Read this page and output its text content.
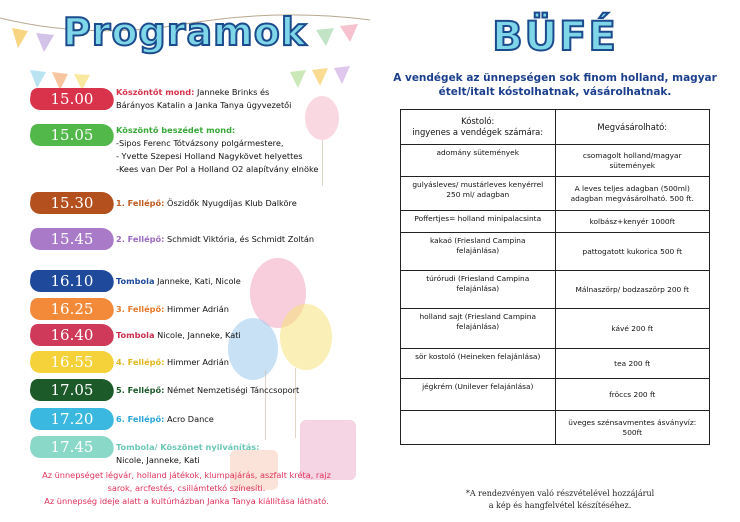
Programok
15.00	Köszöntőt mond: Janneke Brinks és
Bárányos Katalin a Janka Tanya ügyvezetői
15.05	Köszöntő beszédet mond:
-Sipos Ferenc Tótvázsony polgármestere,
- Yvette Szepesi Holland Nagykövet helyettes
-Kees van Der Pol a Holland O2 alapítvány elnöke
15.30	1. Fellépő: Öszidők Nyugdíjas Klub Dalköre
15.45	2. Fellépő: Schmidt Viktória, és Schmidt Zoltán
16.10	Tombola Janneke, Kati, Nicole
16.25	3. Fellépő: Himmer Adrián
16.40	Tombola Nicole, Janneke, Kati
16.55	4. Fellépő: Himmer Adrián
17.05	5. Fellépő: Német Nemzetiségi Tánccsoport
17.20	6. Fellépő: Acro Dance
17.45	Tombola/ Köszönet nyilvánítás:
Nicole, Janneke, Kati
Az ünnepséget légvár, holland játékok, klumpajárás, aszfalt kréta, rajz
sarok, arcfestés, csillámtetkó színesíti.
Az ünnepség ideje alatt a kultúrházban Janka Tanya kiállítása látható.
BÜFÉ
A vendégek az ünnepségen sok finom holland, magyar
ételt/italt kóstolhatnak, vásárolhatnak.
Kóstoló:
ingyenes a vendégek számára:	Megvásárolható:
adomány sütemények	csomagolt holland/magyar
sütemények
gulyásleves/ mustárleves kenyérrel
250 ml/ adagban	A leves teljes adagban (500ml)
adagban megvásárolható. 500 ft.
Poffertjes= holland minipalacsinta	kolbász+kenyér 1000ft
kakaó (Friesland Campina
felajánlása)	pattogatott kukorica 500 ft
túrórudi (Friesland Campina
felajánlása)	Málnaszörp/ bodzaszörp 200 ft
holland sajt (Friesland Campina
felajánlása)	kávé 200 ft
sör kostoló (Heineken felajánlása)	tea 200 ft
jégkrém (Unilever felajánlása)	fröccs 200 ft
	üveges szénsavmentes ásványvíz:
500ft
*A rendezvényen való részvételével hozzájárul
a kép és hangfelvétel készítéséhez.
